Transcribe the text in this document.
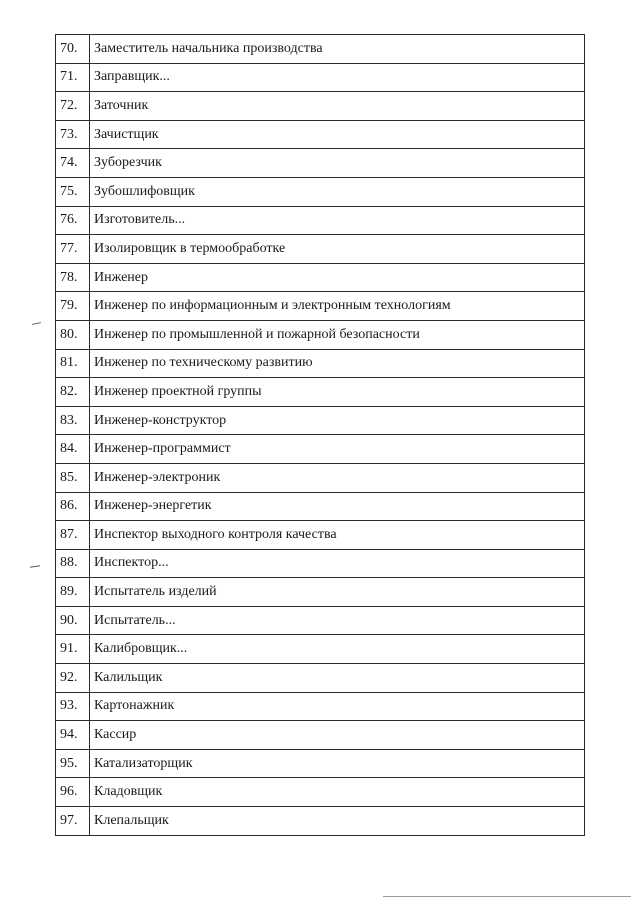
70.	Заместитель начальника производства
71.	Заправщик...
72.	Заточник
73.	Зачистщик
74.	Зуборезчик
75.	Зубошлифовщик
76.	Изготовитель...
77.	Изолировщик в термообработке
78.	Инженер
79.	Инженер по информационным и электронным технологиям
80.	Инженер по промышленной и пожарной безопасности
81.	Инженер по техническому развитию
82.	Инженер проектной группы
83.	Инженер-конструктор
84.	Инженер-программист
85.	Инженер-электроник
86.	Инженер-энергетик
87.	Инспектор выходного контроля качества
88.	Инспектор...
89.	Испытатель изделий
90.	Испытатель...
91.	Калибровщик...
92.	Калильщик
93.	Картонажник
94.	Кассир
95.	Катализаторщик
96.	Кладовщик
97.	Клепальщик
